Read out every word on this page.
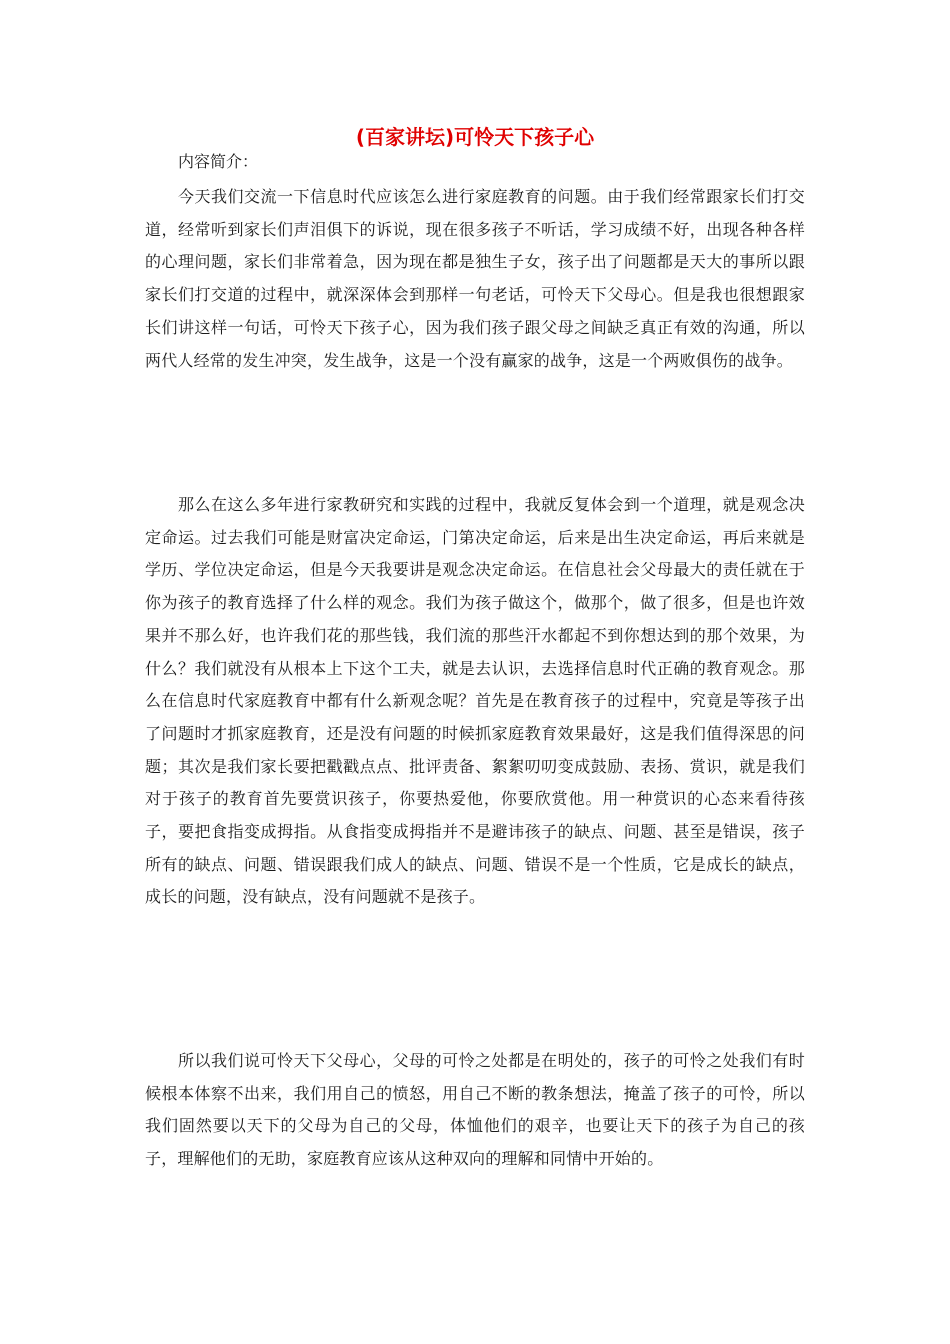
(百家讲坛)可怜天下孩子心

内容简介：

今天我们交流一下信息时代应该怎么进行家庭教育的问题。由于我们经常跟家长们打交道，经常听到家长们声泪俱下的诉说，现在很多孩子不听话，学习成绩不好，出现各种各样的心理问题，家长们非常着急，因为现在都是独生子女，孩子出了问题都是天大的事所以跟家长们打交道的过程中，就深深体会到那样一句老话，可怜天下父母心。但是我也很想跟家长们讲这样一句话，可怜天下孩子心，因为我们孩子跟父母之间缺乏真正有效的沟通，所以两代人经常的发生冲突，发生战争，这是一个没有赢家的战争，这是一个两败俱伤的战争。

那么在这么多年进行家教研究和实践的过程中，我就反复体会到一个道理，就是观念决定命运。过去我们可能是财富决定命运，门第决定命运，后来是出生决定命运，再后来就是学历、学位决定命运，但是今天我要讲是观念决定命运。在信息社会父母最大的责任就在于你为孩子的教育选择了什么样的观念。我们为孩子做这个，做那个，做了很多，但是也许效果并不那么好，也许我们花的那些钱，我们流的那些汗水都起不到你想达到的那个效果，为什么？我们就没有从根本上下这个工夫，就是去认识，去选择信息时代正确的教育观念。那么在信息时代家庭教育中都有什么新观念呢？首先是在教育孩子的过程中，究竟是等孩子出了问题时才抓家庭教育，还是没有问题的时候抓家庭教育效果最好，这是我们值得深思的问题；其次是我们家长要把戳戳点点、批评责备、絮絮叨叨变成鼓励、表扬、赏识，就是我们对于孩子的教育首先要赏识孩子，你要热爱他，你要欣赏他。用一种赏识的心态来看待孩子，要把食指变成拇指。从食指变成拇指并不是避讳孩子的缺点、问题、甚至是错误，孩子所有的缺点、问题、错误跟我们成人的缺点、问题、错误不是一个性质，它是成长的缺点，成长的问题，没有缺点，没有问题就不是孩子。

所以我们说可怜天下父母心，父母的可怜之处都是在明处的，孩子的可怜之处我们有时候根本体察不出来，我们用自己的愤怒，用自己不断的教条想法，掩盖了孩子的可怜，所以我们固然要以天下的父母为自己的父母，体恤他们的艰辛，也要让天下的孩子为自己的孩子，理解他们的无助，家庭教育应该从这种双向的理解和同情中开始的。
